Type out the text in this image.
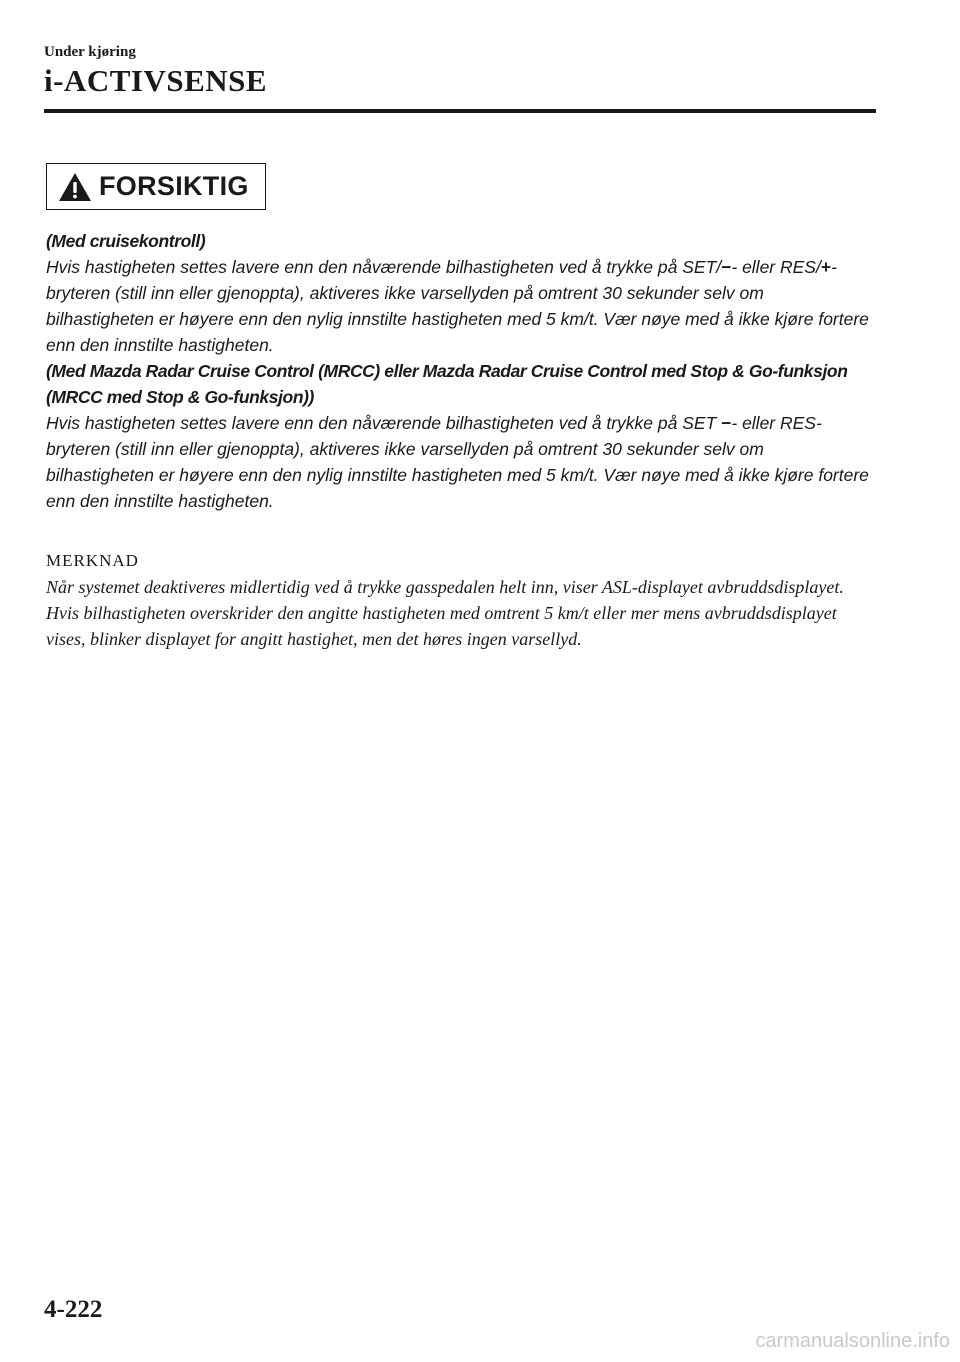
Under kjøring
i-ACTIVSENSE
FORSIKTIG

(Med cruisekontroll)

Hvis hastigheten settes lavere enn den nåværende bilhastigheten ved å trykke på SET/−- eller RES/+-bryteren (still inn eller gjenoppta), aktiveres ikke varsellyden på omtrent 30 sekunder selv om bilhastigheten er høyere enn den nylig innstilte hastigheten med 5 km/t. Vær nøye med å ikke kjøre fortere enn den innstilte hastigheten.

(Med Mazda Radar Cruise Control (MRCC) eller Mazda Radar Cruise Control med Stop & Go-funksjon (MRCC med Stop & Go-funksjon))

Hvis hastigheten settes lavere enn den nåværende bilhastigheten ved å trykke på SET −- eller RES-bryteren (still inn eller gjenoppta), aktiveres ikke varsellyden på omtrent 30 sekunder selv om bilhastigheten er høyere enn den nylig innstilte hastigheten med 5 km/t. Vær nøye med å ikke kjøre fortere enn den innstilte hastigheten.

MERKNAD
Når systemet deaktiveres midlertidig ved å trykke gasspedalen helt inn, viser ASL-displayet avbruddsdisplayet. Hvis bilhastigheten overskrider den angitte hastigheten med omtrent 5 km/t eller mer mens avbruddsdisplayet vises, blinker displayet for angitt hastighet, men det høres ingen varsellyd.
4-222
carmanualsonline.info
